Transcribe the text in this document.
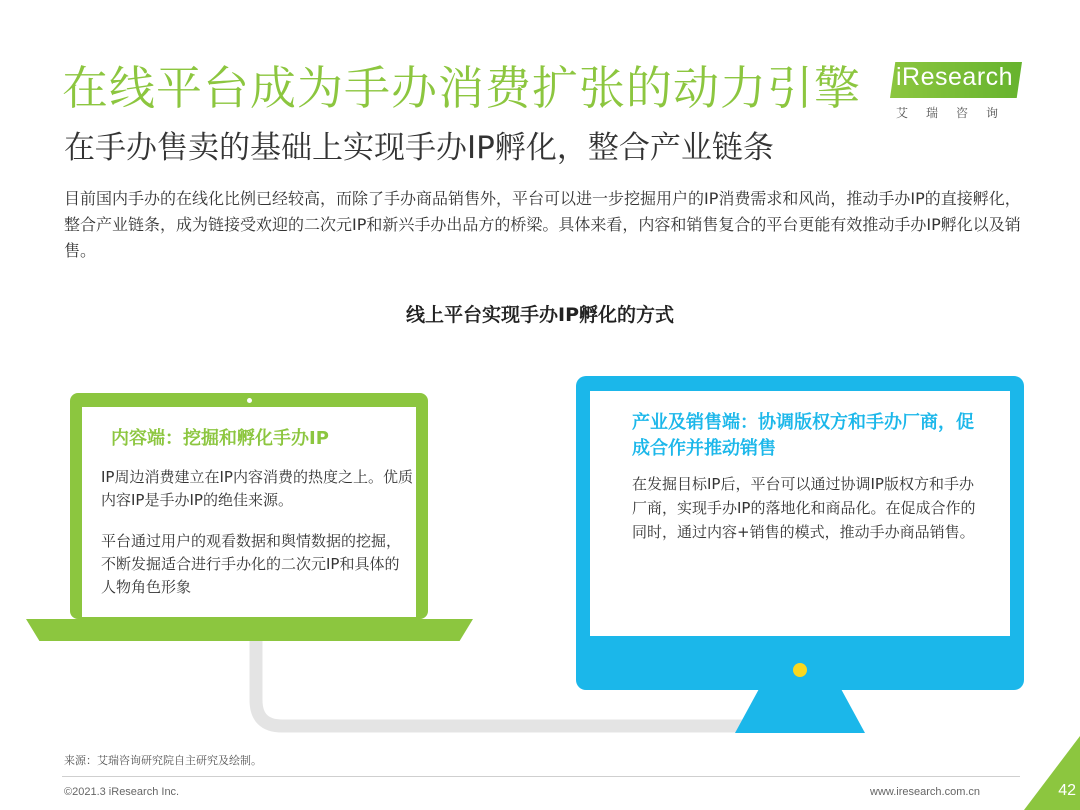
在线平台成为手办消费扩张的动力引擎 iResearch
艾瑞咨询
在手办售卖的基础上实现手办IP孵化，整合产业链条
目前国内手办的在线化比例已经较高，而除了手办商品销售外，平台可以进一步挖掘用户的IP消费需求和风尚，推动手办IP的直接孵化，整合产业链条，成为链接受欢迎的二次元IP和新兴手办出品方的桥梁。具体来看，内容和销售复合的平台更能有效推动手办IP孵化以及销售。
线上平台实现手办IP孵化的方式
内容端：挖掘和孵化手办IP
IP周边消费建立在IP内容消费的热度之上。优质内容IP是手办IP的绝佳来源。
平台通过用户的观看数据和舆情数据的挖掘，不断发掘适合进行手办化的二次元IP和具体的人物角色形象
产业及销售端：协调版权方和手办厂商，促成合作并推动销售
在发掘目标IP后，平台可以通过协调IP版权方和手办厂商，实现手办IP的落地化和商品化。在促成合作的同时，通过内容+销售的模式，推动手办商品销售。
来源：艾瑞咨询研究院自主研究及绘制。
©2021.3 iResearch Inc.	www.iresearch.com.cn	42
